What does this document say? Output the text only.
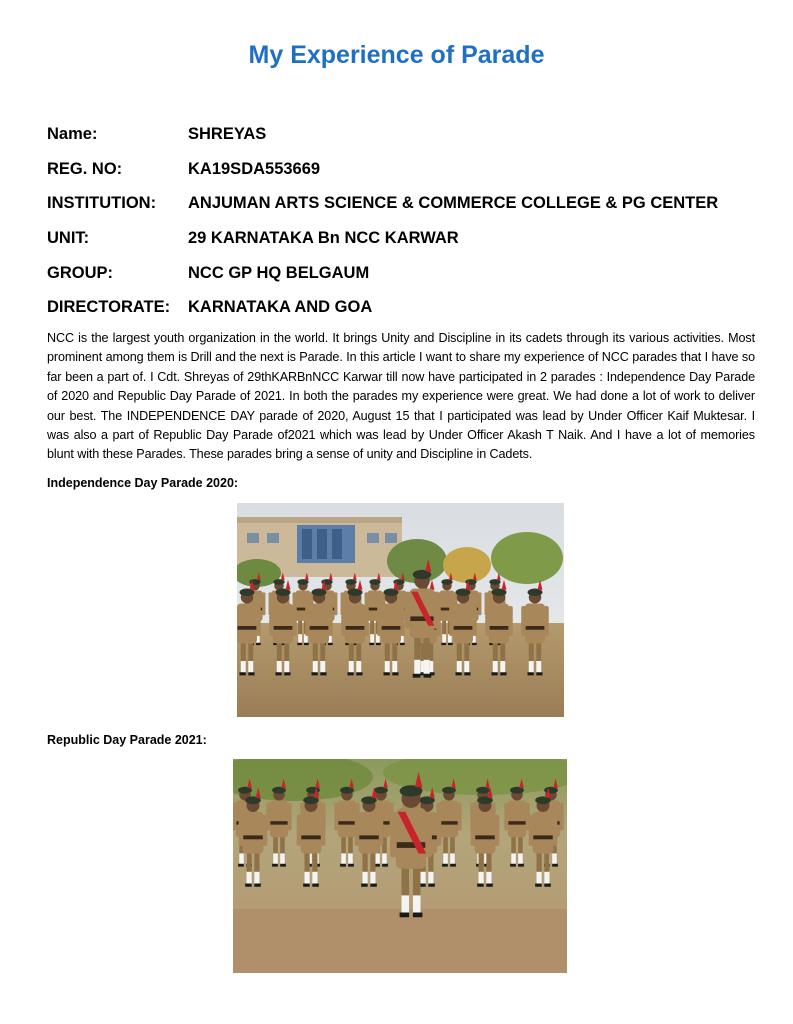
My Experience of Parade
Name:	SHREYAS
REG. NO:	KA19SDA553669
INSTITUTION: ANJUMAN ARTS SCIENCE & COMMERCE COLLEGE & PG CENTER
UNIT:	29 KARNATAKA Bn NCC KARWAR
GROUP:	NCC GP HQ BELGAUM
DIRECTORATE: KARNATAKA AND GOA

NCC is the largest youth organization in the world. It brings Unity and Discipline in its cadets through its various activities. Most prominent among them is Drill and the next is Parade. In this article I want to share my experience of NCC parades that I have so far been a part of. I Cdt. Shreyas of 29thKARBnNCC Karwar till now have participated in 2 parades : Independence Day Parade of 2020 and Republic Day Parade of 2021. In both the parades my experience were great. We had done a lot of work to deliver our best. The INDEPENDENCE DAY parade of 2020, August 15 that I participated was lead by Under Officer Kaif Muktesar. I was also a part of Republic Day Parade of2021 which was lead by Under Officer Akash T Naik. And I have a lot of memories blunt with these Parades. These parades bring a sense of unity and Discipline in Cadets.

Independence Day Parade 2020:

Republic Day Parade 2021:
